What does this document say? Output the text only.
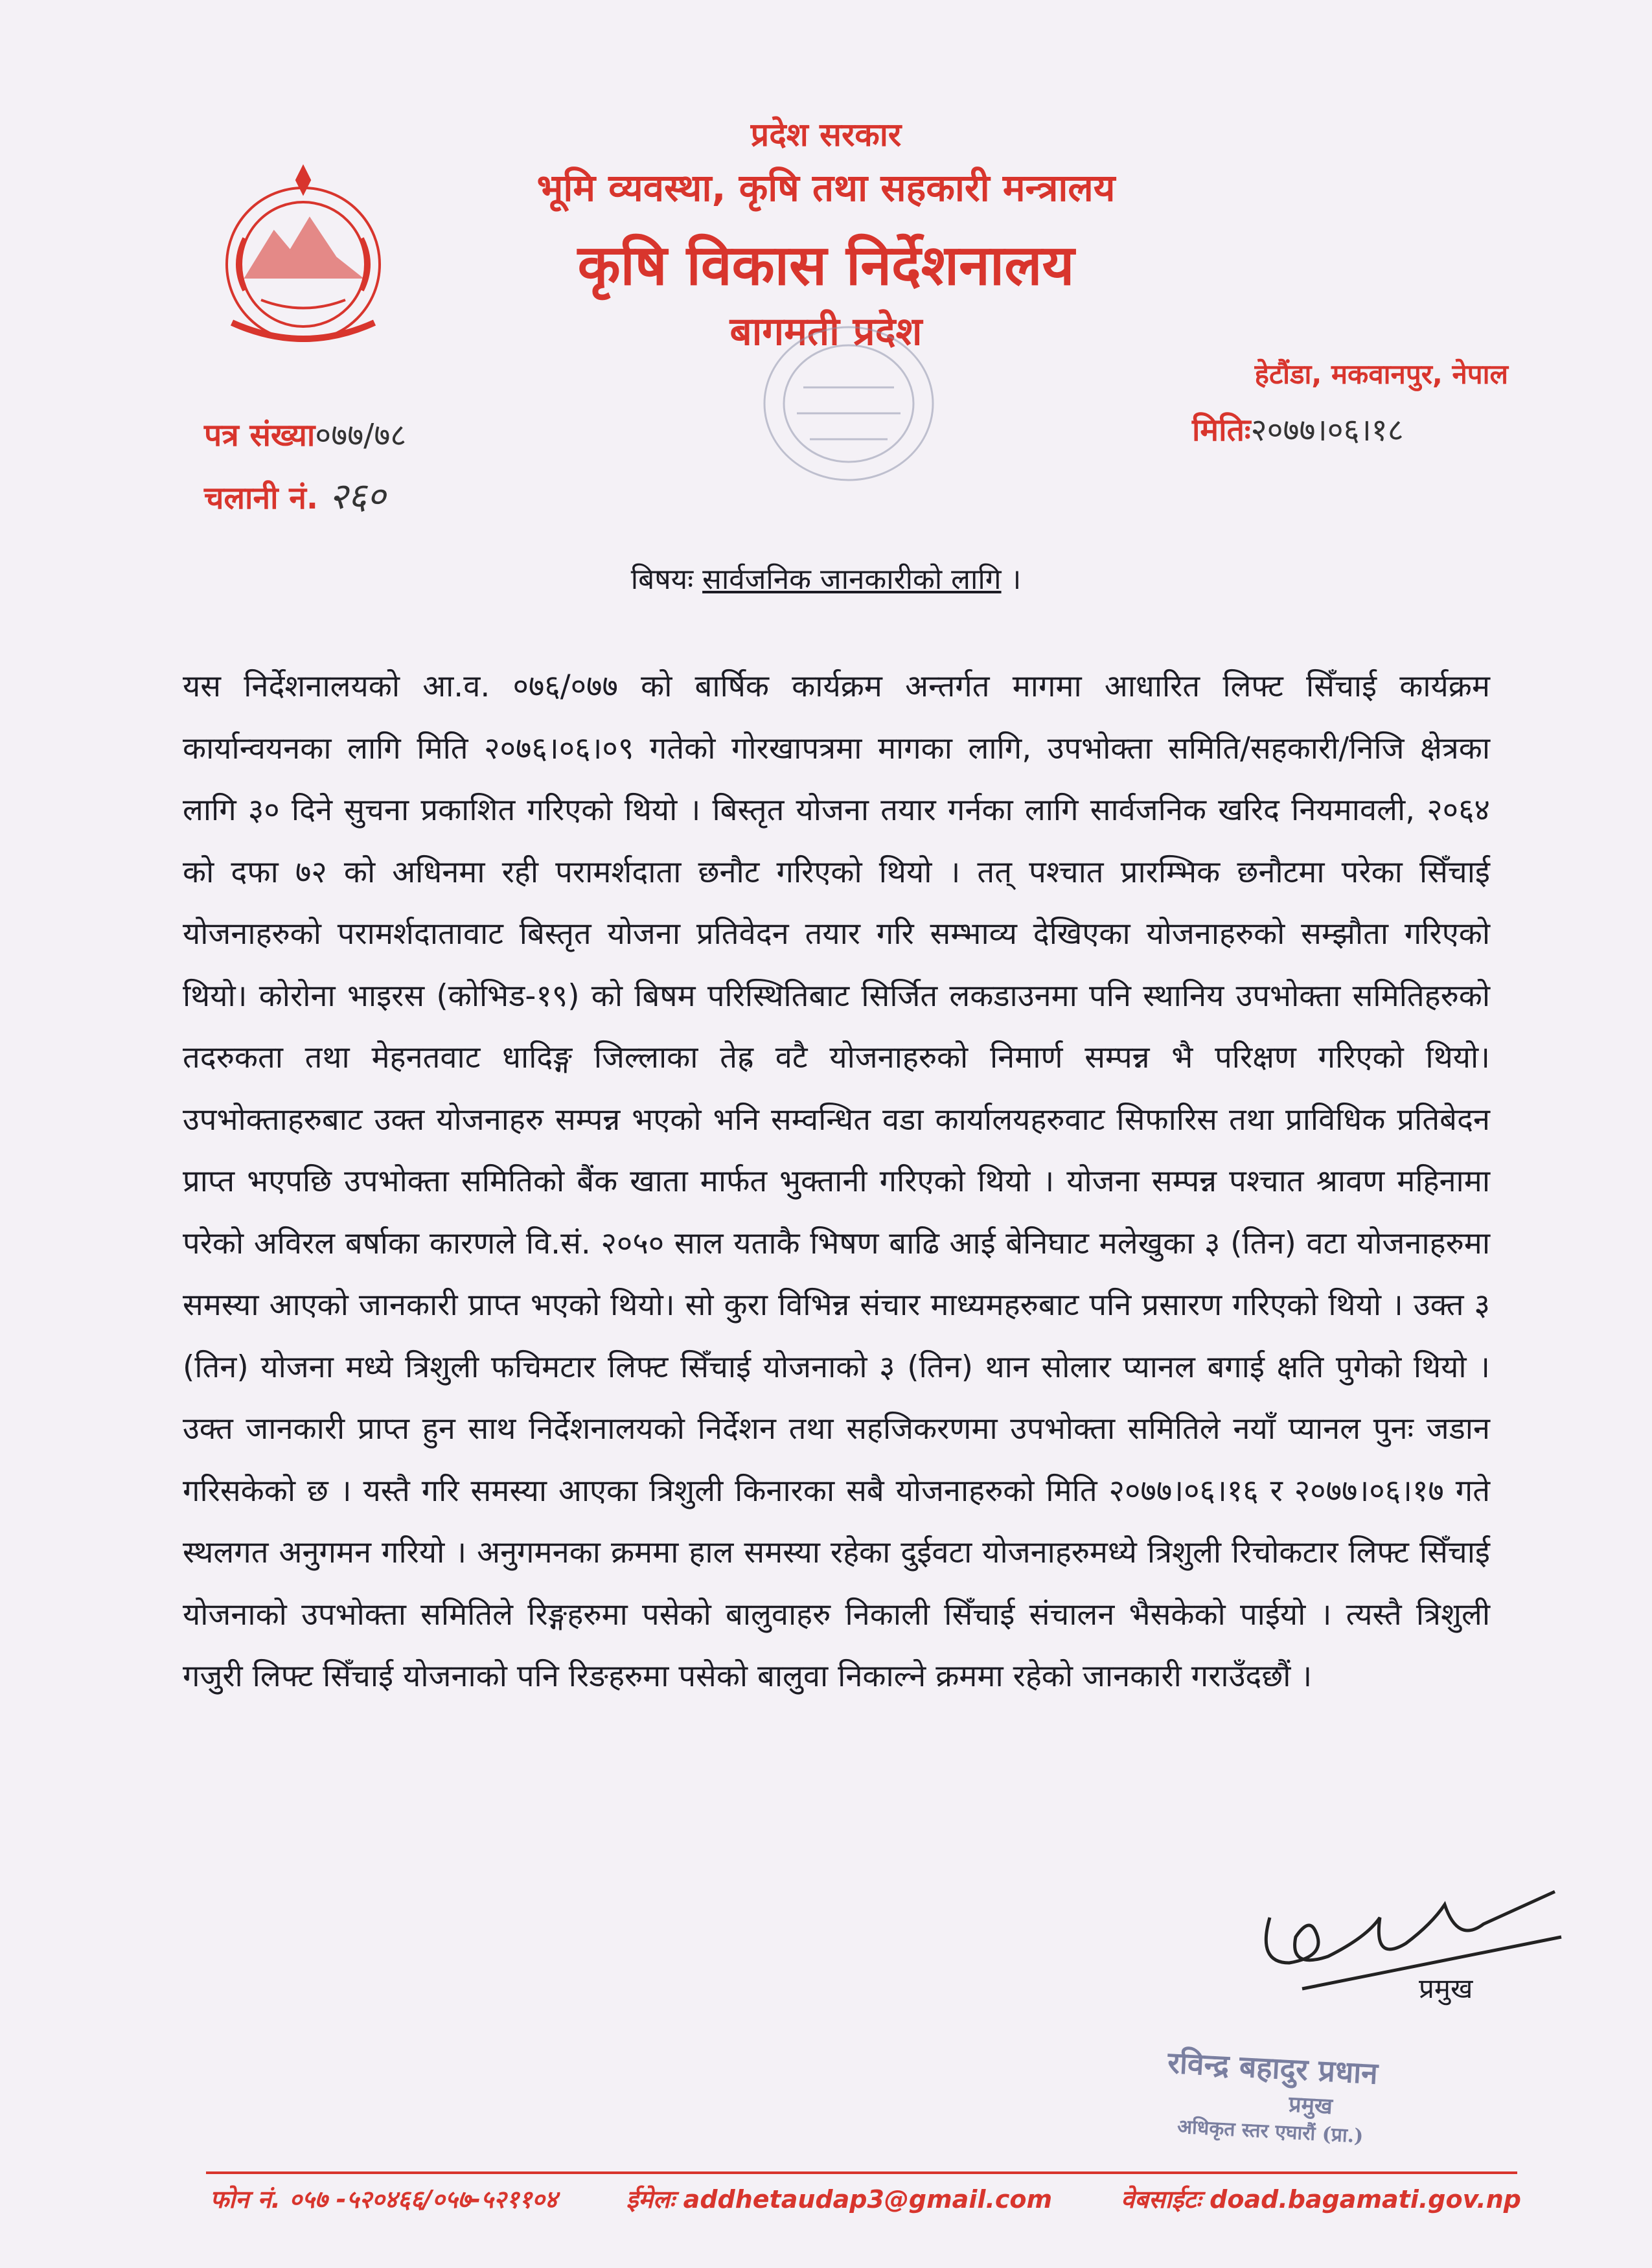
प्रदेश सरकार
भूमि व्यवस्था, कृषि तथा सहकारी मन्त्रालय
कृषि विकास निर्देशनालय
बागमती प्रदेश
हेटौंडा, मकवानपुर, नेपाल
पत्र संख्या०७७/७८
चलानी नं. २६०
मितिः२०७७।०६।१८
बिषयः सार्वजनिक जानकारीको लागि ।
यस निर्देशनालयको आ.व. ०७६/०७७ को बार्षिक कार्यक्रम अन्तर्गत मागमा आधारित लिफ्ट सिँचाई कार्यक्रम कार्यान्वयनका लागि मिति २०७६।०६।०९ गतेको गोरखापत्रमा मागका लागि, उपभोक्ता समिति/सहकारी/निजि क्षेत्रका लागि ३० दिने सुचना प्रकाशित गरिएको थियो । बिस्तृत योजना तयार गर्नका लागि सार्वजनिक खरिद नियमावली, २०६४ को दफा ७२ को अधिनमा रही परामर्शदाता छनौट गरिएको थियो । तत् पश्चात प्रारम्भिक छनौटमा परेका सिँचाई योजनाहरुको परामर्शदातावाट बिस्तृत योजना प्रतिवेदन तयार गरि सम्भाव्य देखिएका योजनाहरुको सम्झौता गरिएको थियो। कोरोना भाइरस (कोभिड-१९) को बिषम परिस्थितिबाट सिर्जित लकडाउनमा पनि स्थानिय उपभोक्ता समितिहरुको तदरुकता तथा मेहनतवाट धादिङ्ग जिल्लाका तेह्र वटै योजनाहरुको निमार्ण सम्पन्न भै परिक्षण गरिएको थियो।उपभोक्ताहरुबाट उक्त योजनाहरु सम्पन्न भएको भनि सम्वन्धित वडा कार्यालयहरुवाट सिफारिस तथा प्राविधिक प्रतिबेदन प्राप्त भएपछि उपभोक्ता समितिको बैंक खाता मार्फत भुक्तानी गरिएको थियो । योजना सम्पन्न पश्चात श्रावण महिनामा परेको अविरल बर्षाका कारणले वि.सं. २०५० साल यताकै भिषण बाढि आई बेनिघाट मलेखुका ३ (तिन) वटा योजनाहरुमा समस्या आएको जानकारी प्राप्त भएको थियो। सो कुरा विभिन्न संचार माध्यमहरुबाट पनि प्रसारण गरिएको थियो । उक्त ३ (तिन) योजना मध्ये त्रिशुली फचिमटार लिफ्ट सिँचाई योजनाको ३ (तिन) थान सोलार प्यानल बगाई क्षति पुगेको थियो । उक्त जानकारी प्राप्त हुन साथ निर्देशनालयको निर्देशन तथा सहजिकरणमा उपभोक्ता समितिले नयाँ प्यानल पुनः जडान गरिसकेको छ । यस्तै गरि समस्या आएका त्रिशुली किनारका सबै योजनाहरुको मिति २०७७।०६।१६ र २०७७।०६।१७ गते स्थलगत अनुगमन गरियो । अनुगमनका क्रममा हाल समस्या रहेका दुईवटा योजनाहरुमध्ये त्रिशुली रिचोकटार लिफ्ट सिँचाई योजनाको उपभोक्ता समितिले रिङ्गहरुमा पसेको बालुवाहरु निकाली सिँचाई संचालन भैसकेको पाईयो । त्यस्तै त्रिशुली गजुरी लिफ्ट सिँचाई योजनाको पनि रिङहरुमा पसेको बालुवा निकाल्ने क्रममा रहेको जानकारी गराउँदछौं ।
प्रमुख
रविन्द्र बहादुर प्रधान
प्रमुख
अधिकृत स्तर एघारौं (प्रा.)
फोन नं. ०५७ -५२०४६६/०५७-५२११०४	ईमेलः addhetaudap3@gmail.com	वेबसाईटः doad.bagamati.gov.np
